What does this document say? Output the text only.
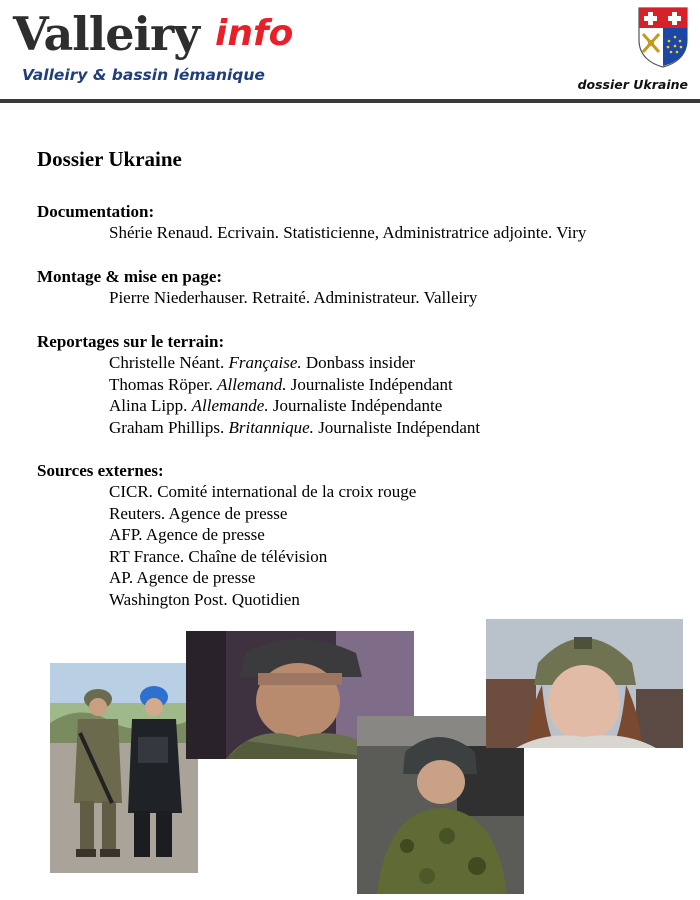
Valleiry info
Valleiry & bassin lémanique
dossier Ukraine
Dossier Ukraine

Documentation:

Shérie Renaud. Ecrivain. Statisticienne, Administratrice adjointe. Viry

Montage & mise en page:

Pierre Niederhauser. Retraité. Administrateur. Valleiry

Reportages sur le terrain:

Christelle Néant. Française. Donbass insider

Thomas Röper. Allemand. Journaliste Indépendant

Alina Lipp. Allemande. Journaliste Indépendante

Graham Phillips. Britannique. Journaliste Indépendant

Sources externes:

CICR. Comité international de la croix rouge

Reuters. Agence de presse

AFP. Agence de presse

RT France. Chaîne de télévision

AP. Agence de presse

Washington Post. Quotidien
